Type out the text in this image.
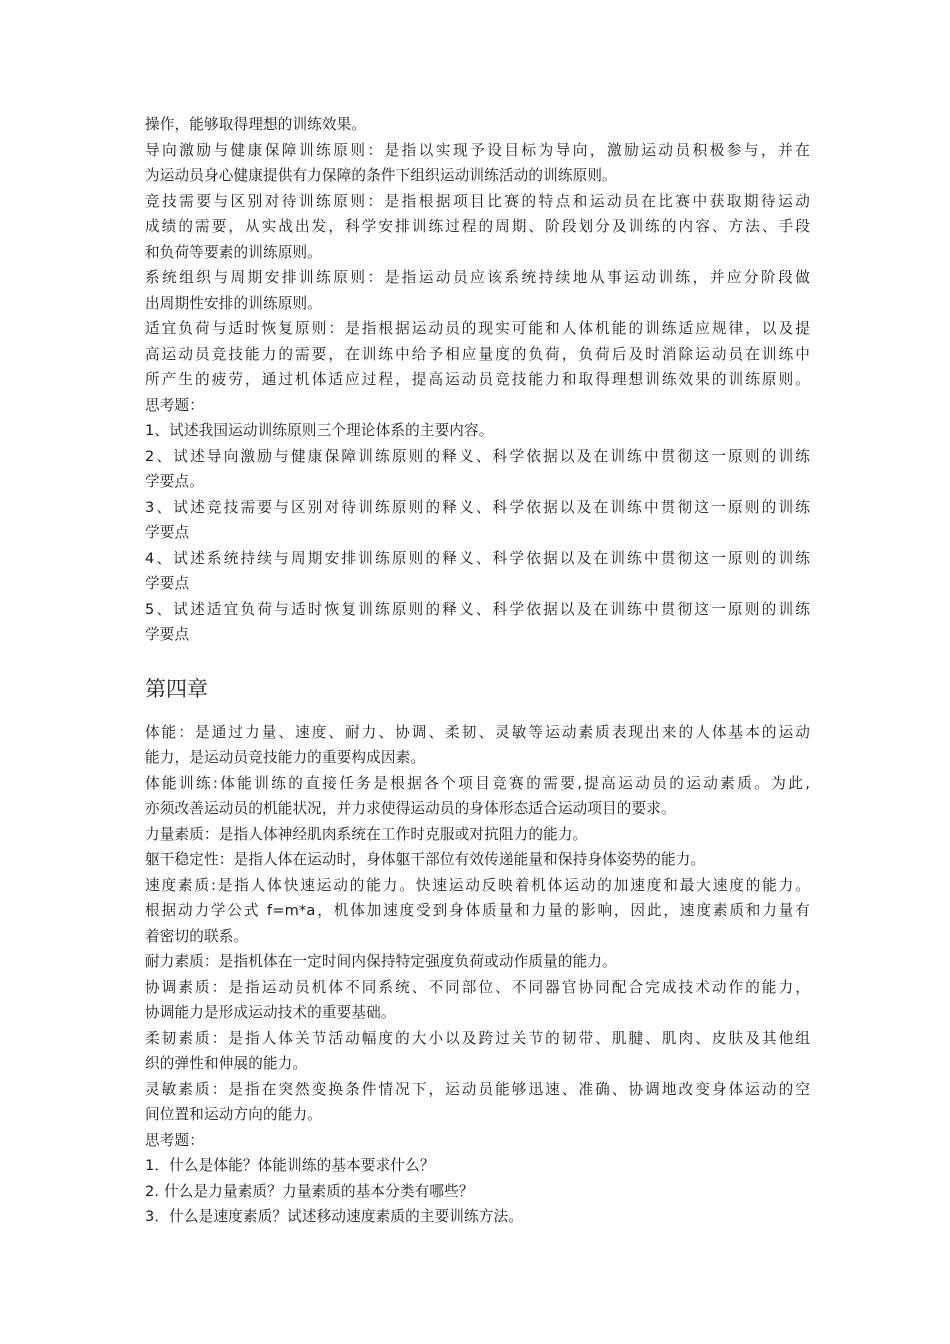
操作，能够取得理想的训练效果。
导向激励与健康保障训练原则：是指以实现予设目标为导向，激励运动员积极参与，并在
为运动员身心健康提供有力保障的条件下组织运动训练活动的训练原则。
竞技需要与区别对待训练原则：是指根据项目比赛的特点和运动员在比赛中获取期待运动
成绩的需要，从实战出发，科学安排训练过程的周期、阶段划分及训练的内容、方法、手段
和负荷等要素的训练原则。
系统组织与周期安排训练原则：是指运动员应该系统持续地从事运动训练，并应分阶段做
出周期性安排的训练原则。
适宜负荷与适时恢复原则：是指根据运动员的现实可能和人体机能的训练适应规律，以及提
高运动员竞技能力的需要，在训练中给予相应量度的负荷，负荷后及时消除运动员在训练中
所产生的疲劳，通过机体适应过程，提高运动员竞技能力和取得理想训练效果的训练原则。
思考题：
1、试述我国运动训练原则三个理论体系的主要内容。
2、试述导向激励与健康保障训练原则的释义、科学依据以及在训练中贯彻这一原则的训练
学要点。
3、试述竞技需要与区别对待训练原则的释义、科学依据以及在训练中贯彻这一原则的训练
学要点
4、试述系统持续与周期安排训练原则的释义、科学依据以及在训练中贯彻这一原则的训练
学要点
5、试述适宜负荷与适时恢复训练原则的释义、科学依据以及在训练中贯彻这一原则的训练
学要点
第四章
体能：是通过力量、速度、耐力、协调、柔韧、灵敏等运动素质表现出来的人体基本的运动
能力，是运动员竞技能力的重要构成因素。
体能训练:体能训练的直接任务是根据各个项目竞赛的需要,提高运动员的运动素质。为此,
亦须改善运动员的机能状况，并力求使得运动员的身体形态适合运动项目的要求。
力量素质：是指人体神经肌肉系统在工作时克服或对抗阻力的能力。
躯干稳定性：是指人体在运动时，身体躯干部位有效传递能量和保持身体姿势的能力。
速度素质:是指人体快速运动的能力。快速运动反映着机体运动的加速度和最大速度的能力。
根据动力学公式 f=m*a，机体加速度受到身体质量和力量的影响，因此，速度素质和力量有
着密切的联系。
耐力素质：是指机体在一定时间内保持特定强度负荷或动作质量的能力。
协调素质：是指运动员机体不同系统、不同部位、不同器官协同配合完成技术动作的能力，
协调能力是形成运动技术的重要基础。
柔韧素质：是指人体关节活动幅度的大小以及跨过关节的韧带、肌腱、肌肉、皮肤及其他组
织的弹性和伸展的能力。
灵敏素质：是指在突然变换条件情况下，运动员能够迅速、准确、协调地改变身体运动的空
间位置和运动方向的能力。
思考题：
1．什么是体能？体能训练的基本要求什么？
2. 什么是力量素质？力量素质的基本分类有哪些？
3．什么是速度素质？试述移动速度素质的主要训练方法。
